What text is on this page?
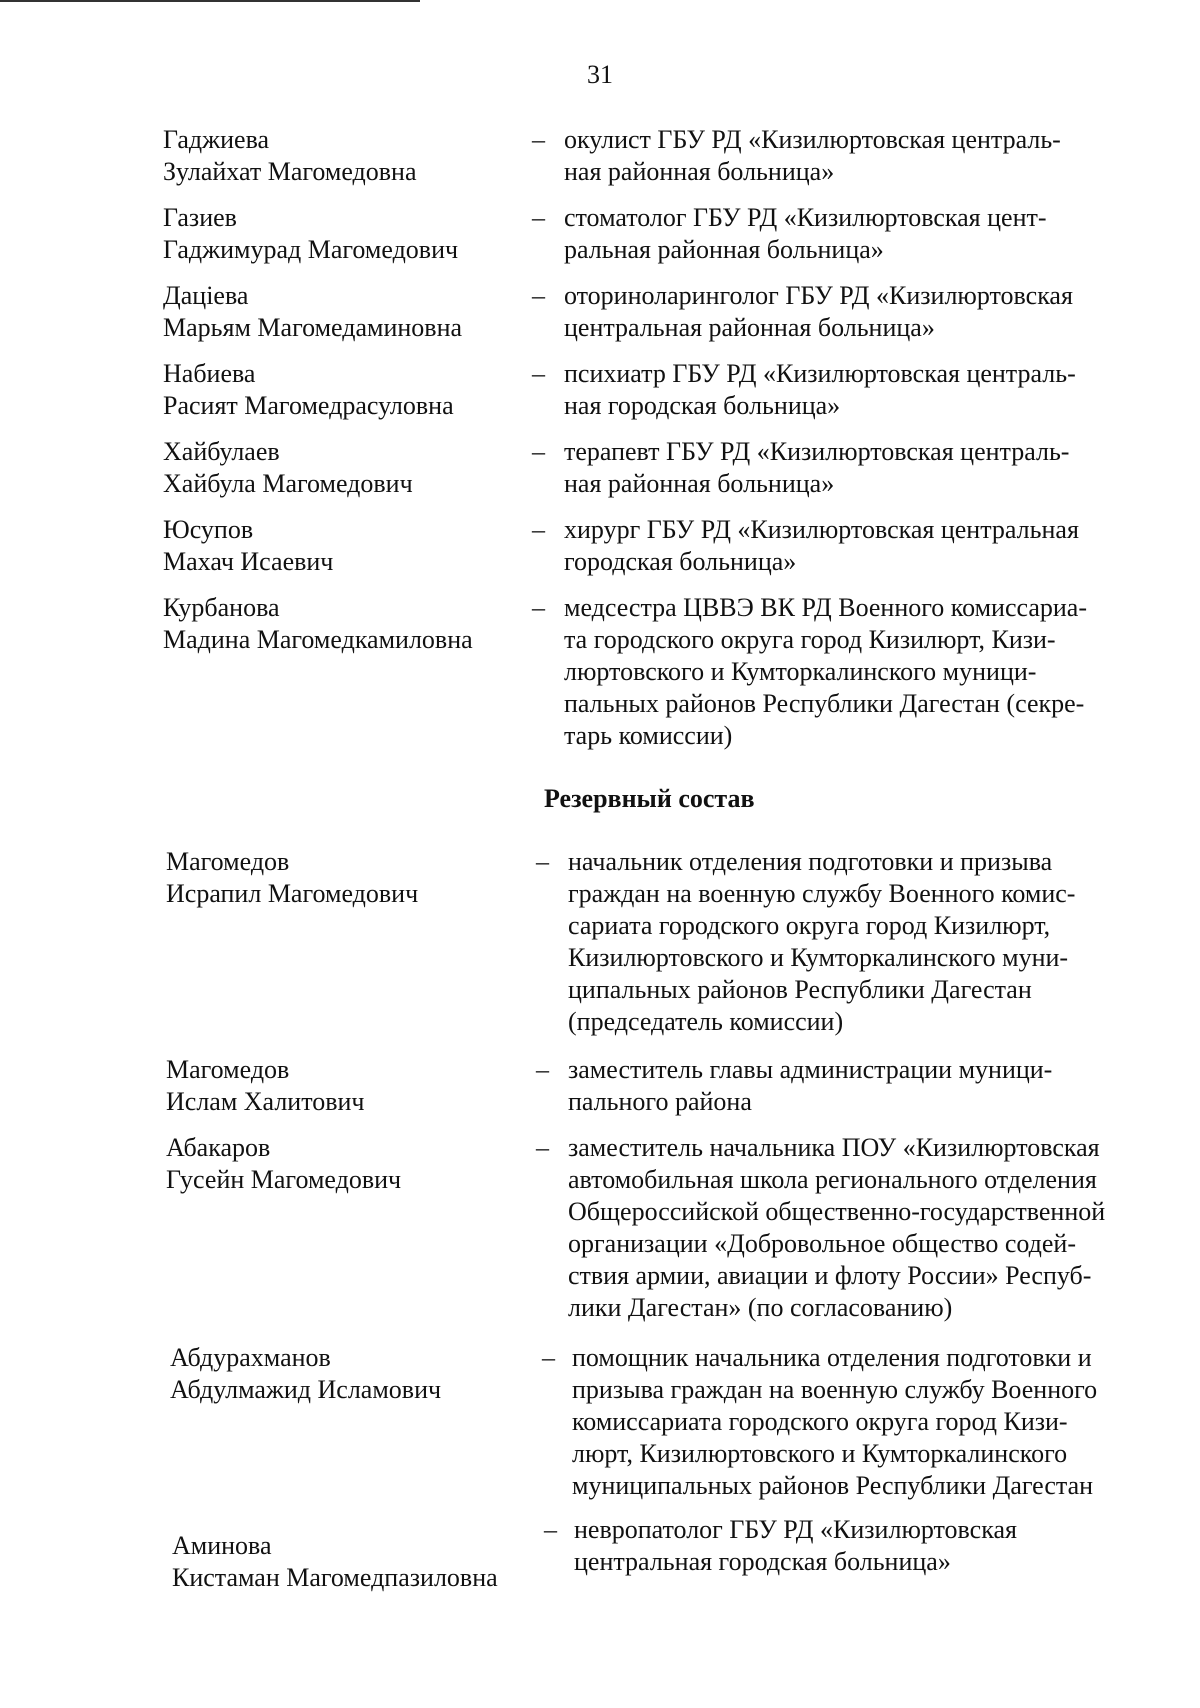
31
Гаджиева
Зулайхат Магомедовна
– окулист ГБУ РД «Кизилюртовская централь-
ная районная больница»
Газиев
Гаджимурад Магомедович
– стоматолог ГБУ РД «Кизилюртовская цент-
ральная районная больница»
Даціева
Марьям Магомедаминовна
– оториноларинголог ГБУ РД «Кизилюртовская
центральная районная больница»
Набиева
Расият Магомедрасуловна
– психиатр ГБУ РД «Кизилюртовская централь-
ная городская больница»
Хайбулаев
Хайбула Магомедович
– терапевт ГБУ РД «Кизилюртовская централь-
ная районная больница»
Юсупов
Махач Исаевич
– хирург ГБУ РД «Кизилюртовская центральная
городская больница»
Курбанова
Мадина Магомедкамиловна
– медсестра ЦВВЭ ВК РД Военного комиссариа-
та городского округа город Кизилюрт, Кизи-
люртовского и Кумторкалинского муници-
пальных районов Республики Дагестан (секре-
тарь комиссии)
Резервный состав
Магомедов
Исрапил Магомедович
– начальник отделения подготовки и призыва
граждан на военную службу Военного комис-
сариата городского округа город Кизилюрт,
Кизилюртовского и Кумторкалинского муни-
ципальных районов Республики Дагестан
(председатель комиссии)
Магомедов
Ислам Халитович
– заместитель главы администрации муници-
пального района
Абакаров
Гусейн Магомедович
– заместитель начальника ПОУ «Кизилюртовская
автомобильная школа регионального отделения
Общероссийской общественно-государственной
организации «Добровольное общество содей-
ствия армии, авиации и флоту России» Респуб-
лики Дагестан» (по согласованию)
Абдурахманов
Абдулмажид Исламович
– помощник начальника отделения подготовки и
призыва граждан на военную службу Военного
комиссариата городского округа город Кизи-
люрт, Кизилюртовского и Кумторкалинского
муниципальных районов Республики Дагестан
Аминова
Кистаман Магомедпазиловна
– невропатолог ГБУ РД «Кизилюртовская
центральная городская больница»
